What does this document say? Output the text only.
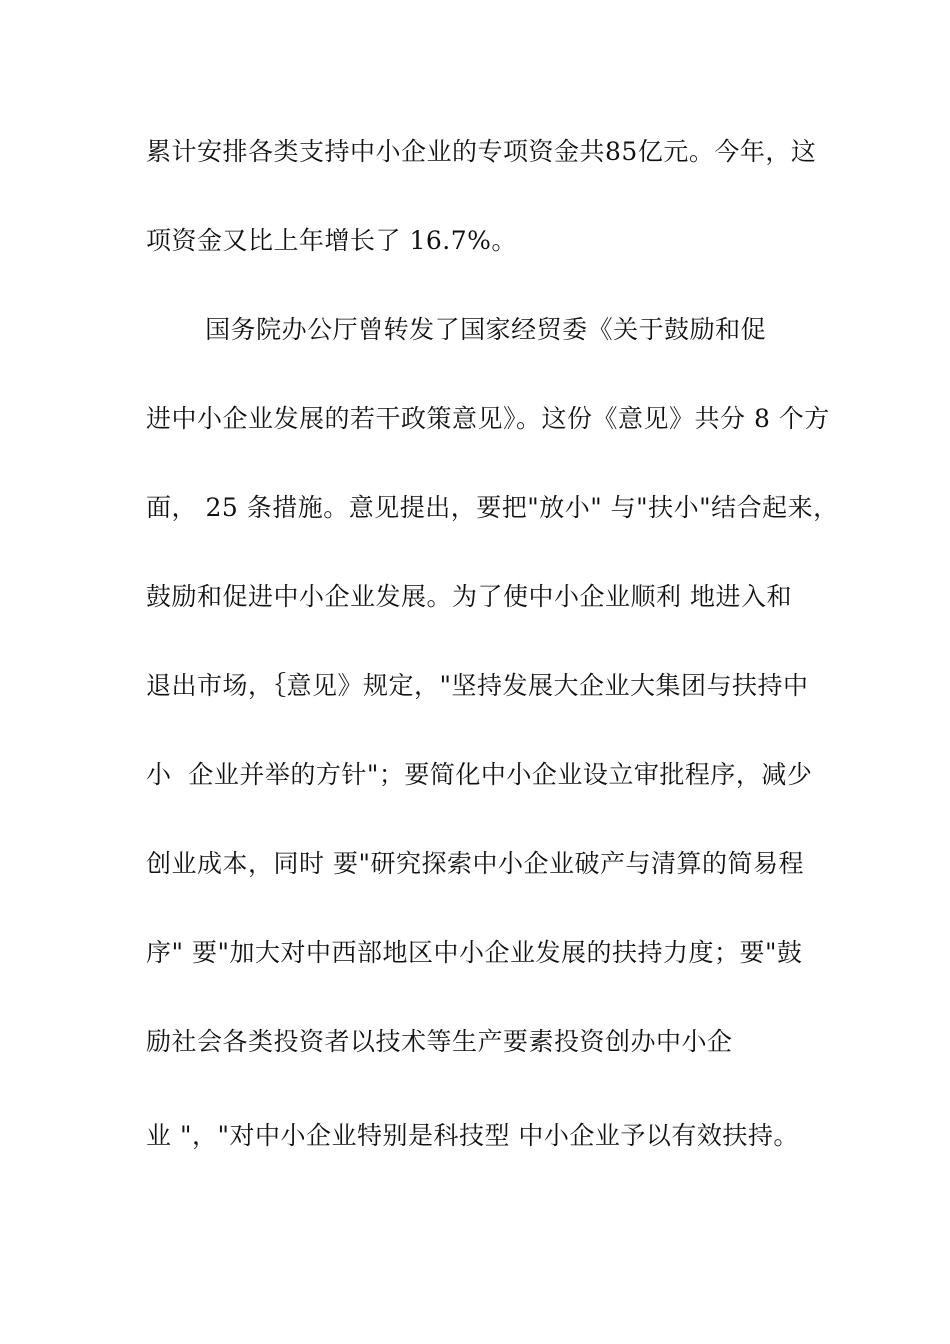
累计安排各类支持中小企业的专项资金共85亿元。今年，这
项资金又比上年增长了 16.7%。
国务院办公厅曾转发了国家经贸委《关于鼓励和促
进中小企业发展的若干政策意见》。这份《意见》共分 8 个方
面， 25 条措施。意见提出，要把"放小" 与"扶小"结合起来，
鼓励和促进中小企业发展。为了使中小企业顺利 地进入和
退出市场，｛意见》规定，"坚持发展大企业大集团与扶持中
小  企业并举的方针"；要简化中小企业设立审批程序，减少
创业成本，同时 要"研究探索中小企业破产与清算的简易程
序" 要"加大对中西部地区中小企业发展的扶持力度；要"鼓
励社会各类投资者以技术等生产要素投资创办中小企
业 "，"对中小企业特别是科技型 中小企业予以有效扶持。
